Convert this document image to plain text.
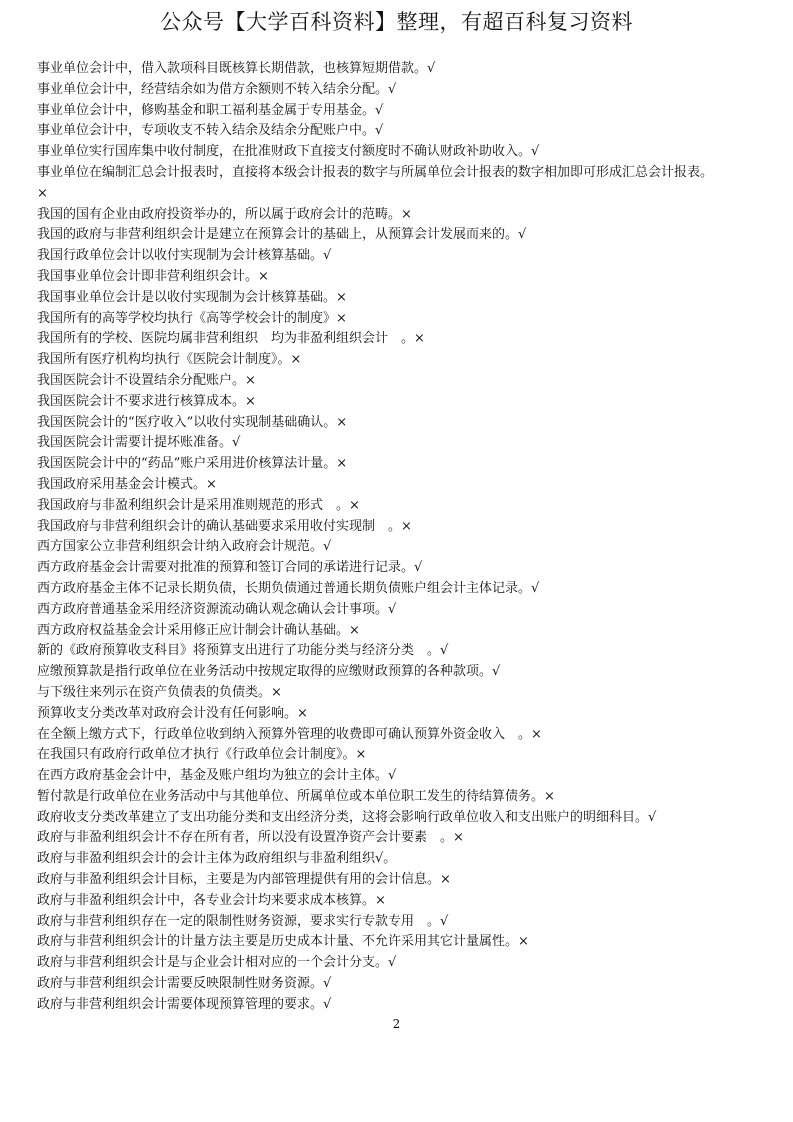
公众号【大学百科资料】整理，有超百科复习资料
事业单位会计中，借入款项科目既核算长期借款，也核算短期借款。√
事业单位会计中，经营结余如为借方余额则不转入结余分配。√
事业单位会计中，修购基金和职工福利基金属于专用基金。√
事业单位会计中，专项收支不转入结余及结余分配账户中。√
事业单位实行国库集中收付制度，在批准财政下直接支付额度时不确认财政补助收入。√
事业单位在编制汇总会计报表时，直接将本级会计报表的数字与所属单位会计报表的数字相加即可形成汇总会计报表。
×
我国的国有企业由政府投资举办的，所以属于政府会计的范畴。×
我国的政府与非营利组织会计是建立在预算会计的基础上，从预算会计发展而来的。√
我国行政单位会计以收付实现制为会计核算基础。√
我国事业单位会计即非营利组织会计。×
我国事业单位会计是以收付实现制为会计核算基础。×
我国所有的高等学校均执行《高等学校会计的制度》×
我国所有的学校、医院均属非营利组织　均为非盈利组织会计　。×
我国所有医疗机构均执行《医院会计制度》。×
我国医院会计不设置结余分配账户。×
我国医院会计不要求进行核算成本。×
我国医院会计的“医疗收入”以收付实现制基础确认。×
我国医院会计需要计提坏账准备。√
我国医院会计中的“药品”账户采用进价核算法计量。×
我国政府采用基金会计模式。×
我国政府与非盈利组织会计是采用准则规范的形式　。×
我国政府与非营利组织会计的确认基础要求采用收付实现制　。×
西方国家公立非营利组织会计纳入政府会计规范。√
西方政府基金会计需要对批准的预算和签订合同的承诺进行记录。√
西方政府基金主体不记录长期负债，长期负债通过普通长期负债账户组会计主体记录。√
西方政府普通基金采用经济资源流动确认观念确认会计事项。√
西方政府权益基金会计采用修正应计制会计确认基础。×
新的《政府预算收支科目》将预算支出进行了功能分类与经济分类　。√
应缴预算款是指行政单位在业务活动中按规定取得的应缴财政预算的各种款项。√
与下级往来列示在资产负债表的负债类。×
预算收支分类改革对政府会计没有任何影响。×
在全额上缴方式下，行政单位收到纳入预算外管理的收费即可确认预算外资金收入　。×
在我国只有政府行政单位才执行《行政单位会计制度》。×
在西方政府基金会计中，基金及账户组均为独立的会计主体。√
暂付款是行政单位在业务活动中与其他单位、所属单位或本单位职工发生的待结算债务。×
政府收支分类改革建立了支出功能分类和支出经济分类，这将会影响行政单位收入和支出账户的明细科目。√
政府与非盈利组织会计不存在所有者，所以没有设置净资产会计要素　。×
政府与非盈利组织会计的会计主体为政府组织与非盈利组织√。
政府与非盈利组织会计目标，主要是为内部管理提供有用的会计信息。×
政府与非盈利组织会计中，各专业会计均来要求成本核算。×
政府与非营利组织存在一定的限制性财务资源，要求实行专款专用　。√
政府与非营利组织会计的计量方法主要是历史成本计量、不允许采用其它计量属性。×
政府与非营利组织会计是与企业会计相对应的一个会计分支。√
政府与非营利组织会计需要反映限制性财务资源。√
政府与非营利组织会计需要体现预算管理的要求。√
2
